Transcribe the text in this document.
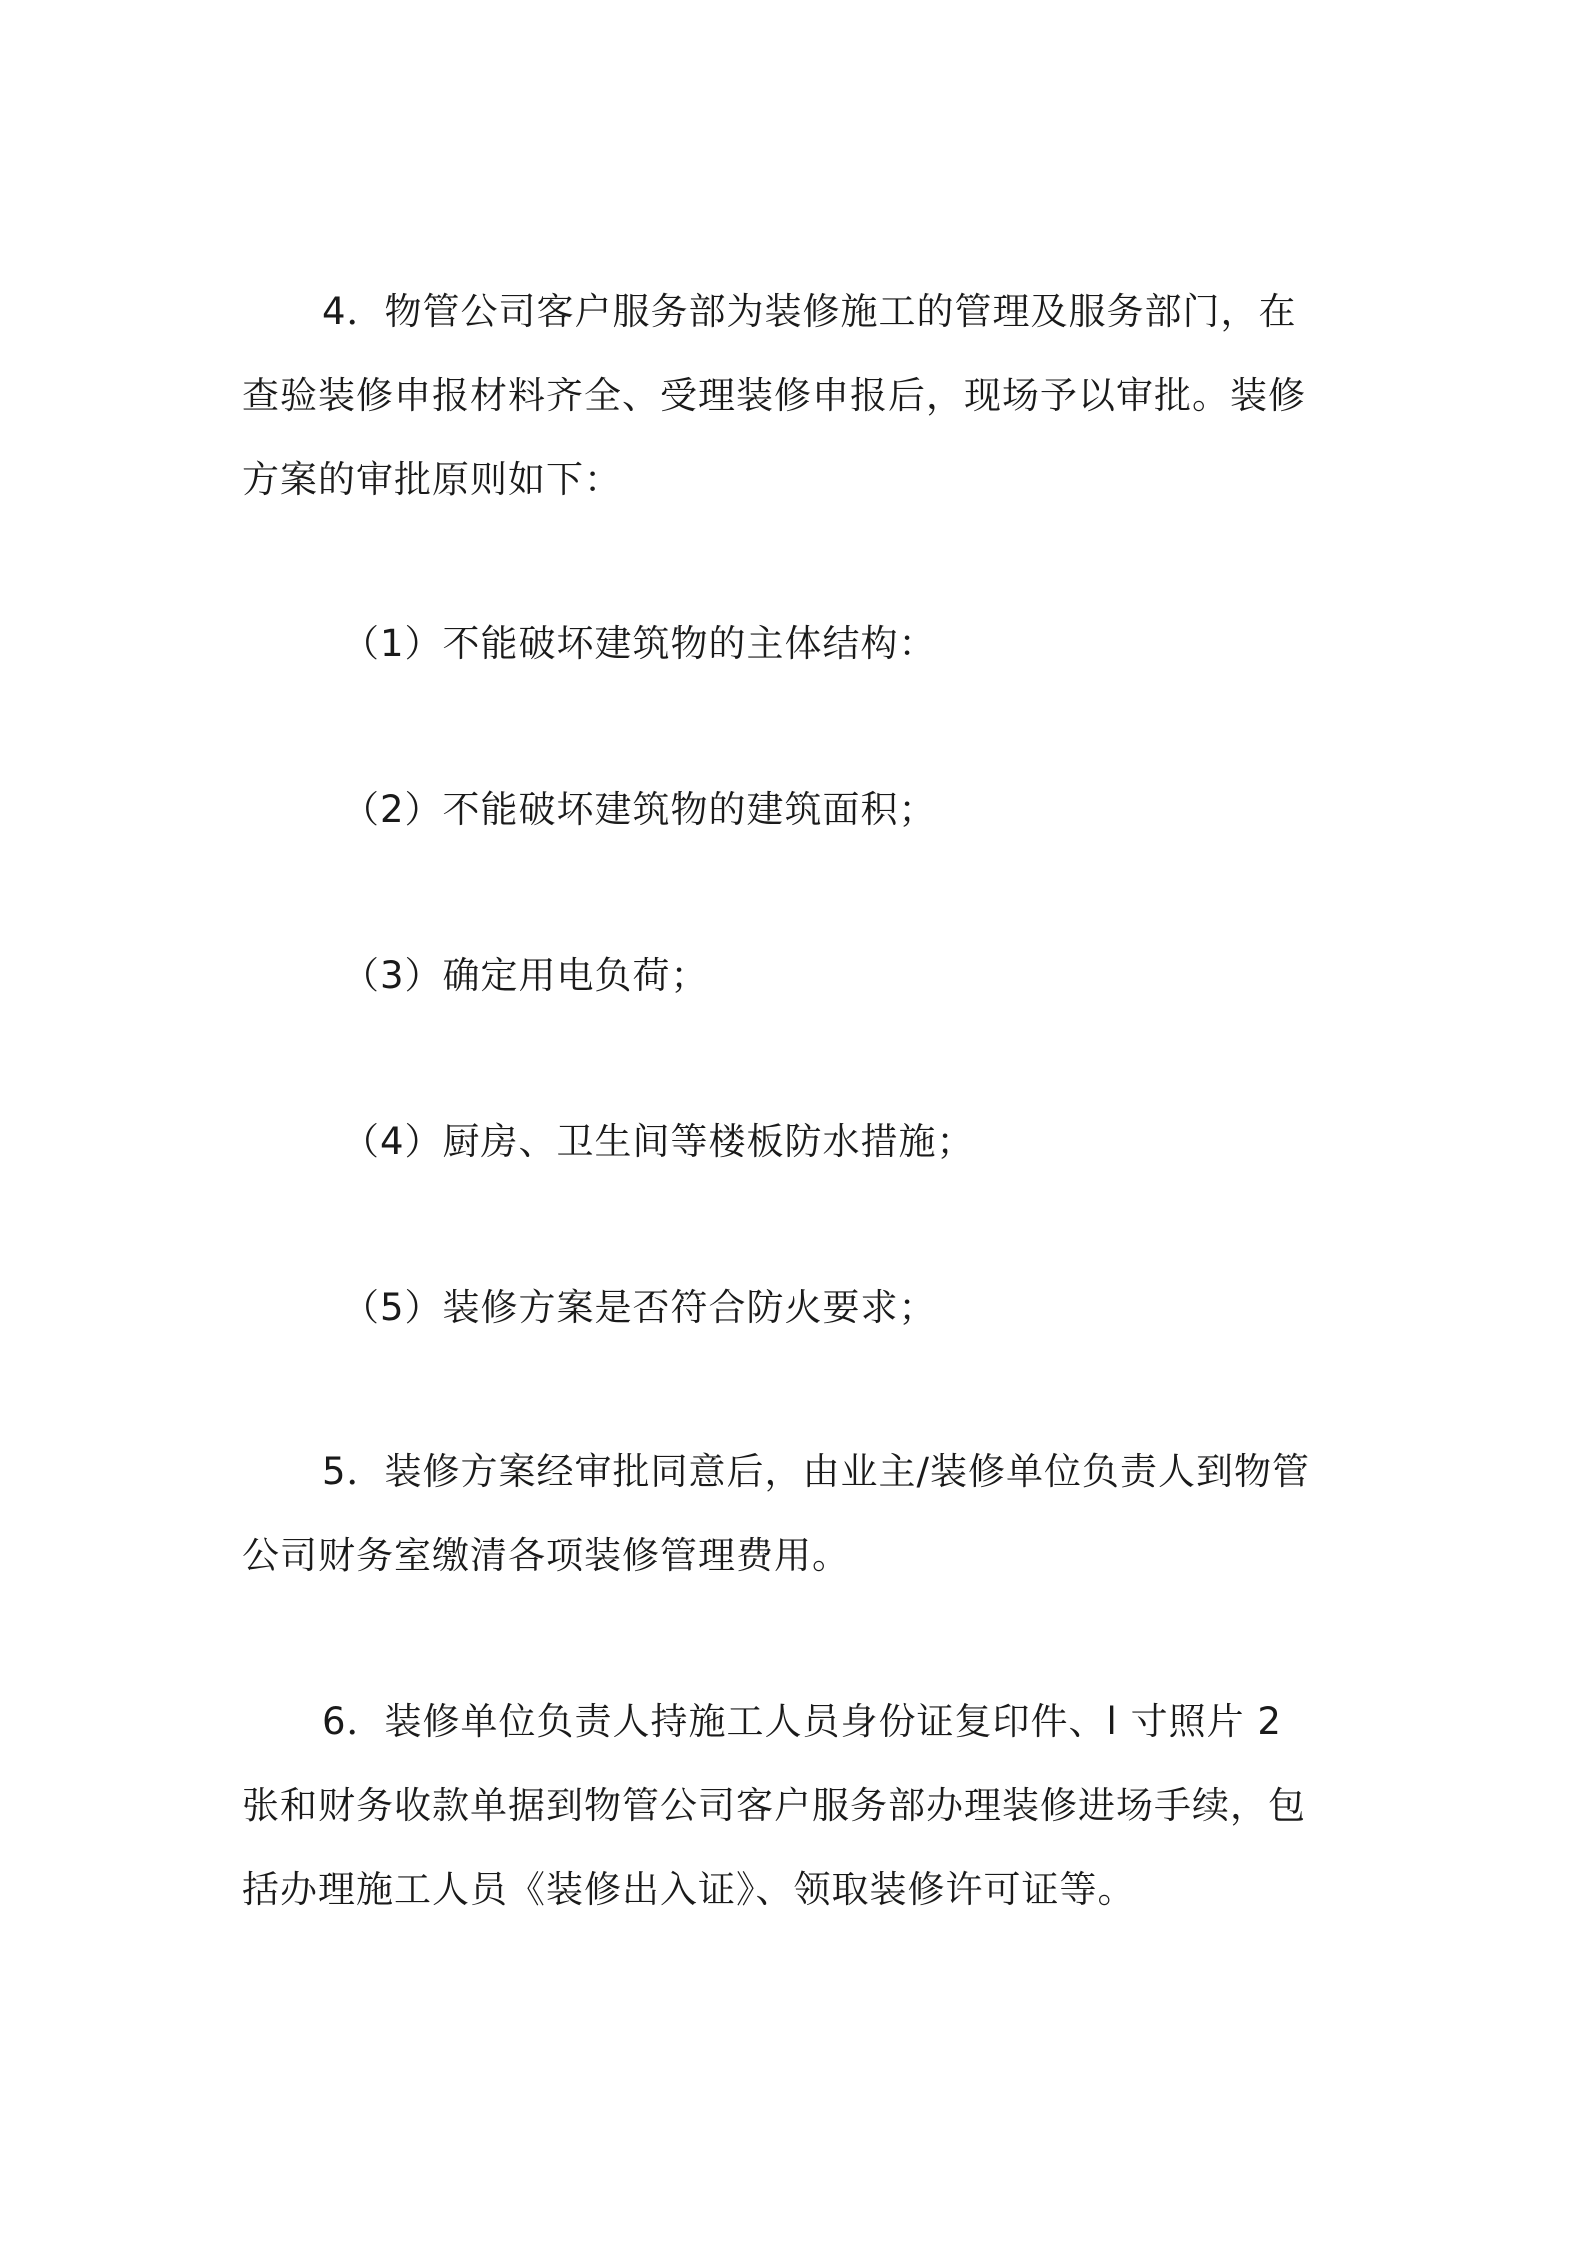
4．物管公司客户服务部为装修施工的管理及服务部门，在
查验装修申报材料齐全、受理装修申报后，现场予以审批。装修
方案的审批原则如下：
（1）不能破坏建筑物的主体结构：
（2）不能破坏建筑物的建筑面积；
（3）确定用电负荷；
（4）厨房、卫生间等楼板防水措施；
（5）装修方案是否符合防火要求；
5．装修方案经审批同意后，由业主/装修单位负责人到物管
公司财务室缴清各项装修管理费用。
6．装修单位负责人持施工人员身份证复印件、l 寸照片 2
张和财务收款单据到物管公司客户服务部办理装修进场手续，包
括办理施工人员《装修出入证》、领取装修许可证等。
